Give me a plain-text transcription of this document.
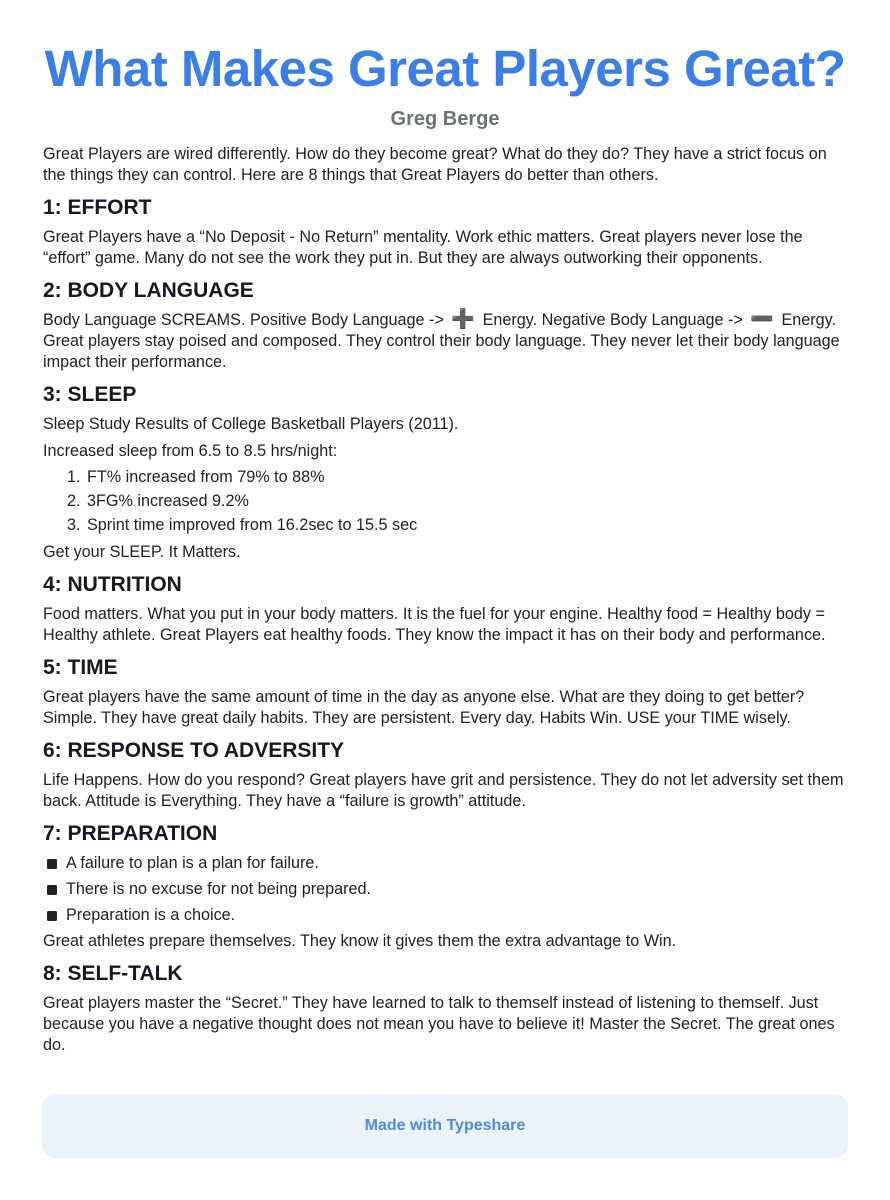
What Makes Great Players Great?
Greg Berge

Great Players are wired differently. How do they become great? What do they do? They have a strict focus on the things they can control. Here are 8 things that Great Players do better than others.

1: EFFORT

Great Players have a “No Deposit - No Return” mentality. Work ethic matters. Great players never lose the “effort” game. Many do not see the work they put in. But they are always outworking their opponents.

2: BODY LANGUAGE

Body Language SCREAMS. Positive Body Language -> ➕ Energy. Negative Body Language -> ➖ Energy. Great players stay poised and composed. They control their body language. They never let their body language impact their performance.

3: SLEEP

Sleep Study Results of College Basketball Players (2011).

Increased sleep from 6.5 to 8.5 hrs/night:

1. FT% increased from 79% to 88%
2. 3FG% increased 9.2%
3. Sprint time improved from 16.2sec to 15.5 sec

Get your SLEEP. It Matters.

4: NUTRITION

Food matters. What you put in your body matters. It is the fuel for your engine. Healthy food = Healthy body = Healthy athlete. Great Players eat healthy foods. They know the impact it has on their body and performance.

5: TIME

Great players have the same amount of time in the day as anyone else. What are they doing to get better? Simple. They have great daily habits. They are persistent. Every day. Habits Win. USE your TIME wisely.

6: RESPONSE TO ADVERSITY

Life Happens. How do you respond? Great players have grit and persistence. They do not let adversity set them back. Attitude is Everything. They have a “failure is growth” attitude.

7: PREPARATION
A failure to plan is a plan for failure.
There is no excuse for not being prepared.
Preparation is a choice.

Great athletes prepare themselves. They know it gives them the extra advantage to Win.

8: SELF-TALK

Great players master the “Secret.” They have learned to talk to themself instead of listening to themself. Just because you have a negative thought does not mean you have to believe it! Master the Secret. The great ones do.

Made with Typeshare
